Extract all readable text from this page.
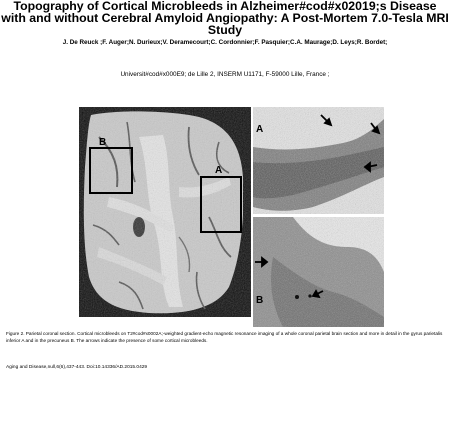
Topography of Cortical Microbleeds in Alzheimer#cod#x02019;s Disease with and without Cerebral Amyloid Angiopathy: A Post-Mortem 7.0-Tesla MRI Study
J. De Reuck ;F. Auger;N. Durieux;V. Deramecourt;C. Cordonnier;F. Pasquier;C.A. Maurage;D. Leys;R. Bordet;
Universit#cod#x000E9; de Lille 2, INSERM U1171, F-59000 Lille, France ;
B
A
A
B
Figure 2. Parietal coronal section. Cortical microbleeds on T2#cod#x0002A;-weighted gradient-echo magnetic resonance imaging of a whole coronal parietal brain section and more in detail in the gyrus parietalis inferior A and in the precuneus B. The arrows indicate the presence of some cortical microbleeds.
Aging and Disease,null,6(6),437-443. Doi:10.14336/AD.2015.0429
